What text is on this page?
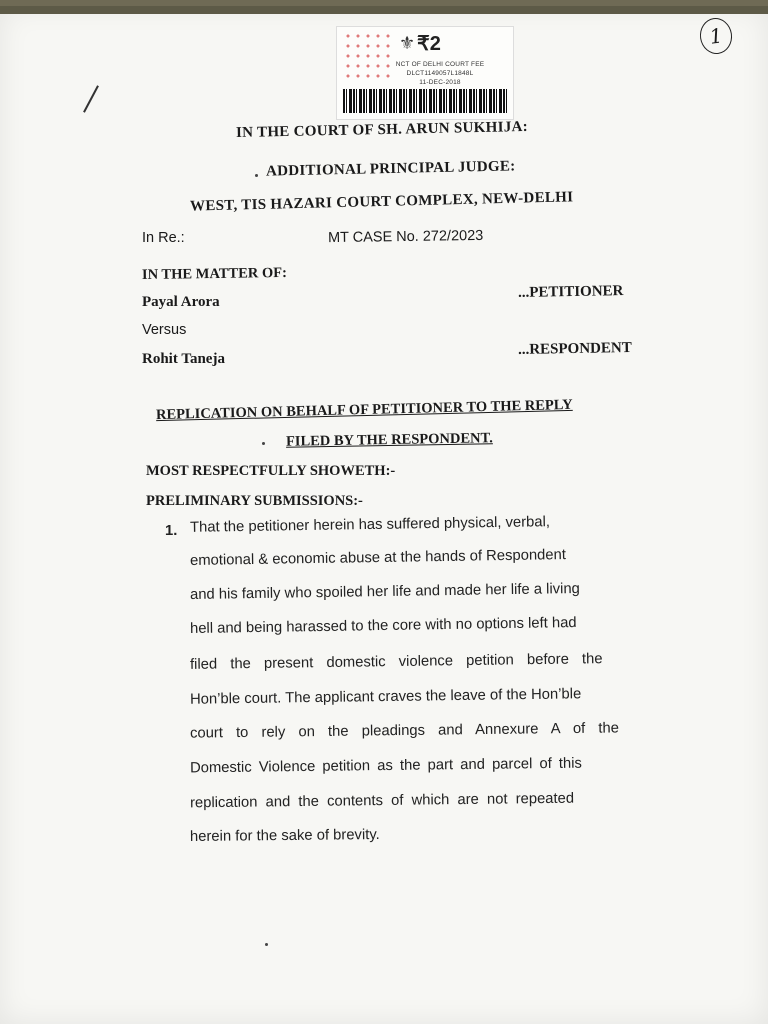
1
⚜ ₹2
NCT OF DELHI COURT FEE
DLCT1149057L1848L
11-DEC-2018
IN THE COURT OF SH. ARUN SUKHIJA:
ADDITIONAL PRINCIPAL JUDGE:
WEST, TIS HAZARI COURT COMPLEX, NEW-DELHI
In Re.:	MT CASE No. 272/2023
IN THE MATTER OF:
Payal Arora
...PETITIONER
Versus
Rohit Taneja
...RESPONDENT
REPLICATION ON BEHALF OF PETITIONER TO THE REPLY
FILED BY THE RESPONDENT.
MOST RESPECTFULLY SHOWETH:-
PRELIMINARY SUBMISSIONS:-
1. That the petitioner herein has suffered physical, verbal,
emotional & economic abuse at the hands of Respondent
and his family who spoiled her life and made her life a living
hell and being harassed to the core with no options left had
filed the present domestic violence petition before the
Hon’ble court. The applicant craves the leave of the Hon’ble
court to rely on the pleadings and Annexure A of the
Domestic Violence petition as the part and parcel of this
replication and the contents of which are not repeated
herein for the sake of brevity.
